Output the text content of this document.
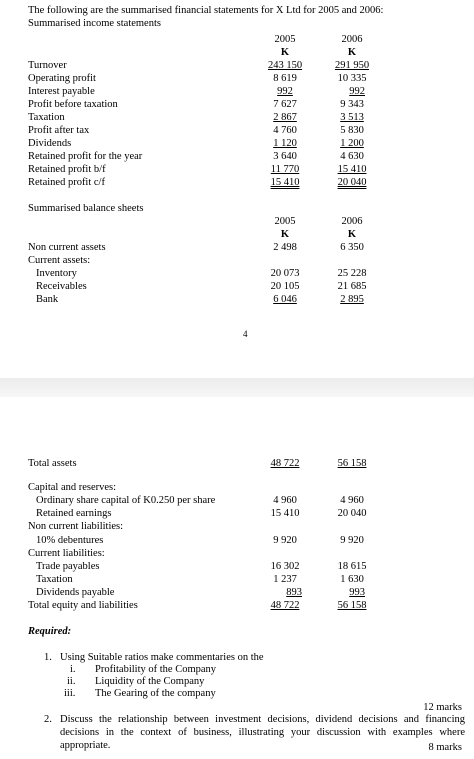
The following are the summarised financial statements for X Ltd for 2005 and 2006:
Summarised income statements
2005	2006
K	K
Turnover	243 150	291 950
Operating profit	8 619	10 335
Interest payable	992	992
Profit before taxation	7 627	9 343
Taxation	2 867	3 513
Profit after tax	4 760	5 830
Dividends	1 120	1 200
Retained profit for the year	3 640	4 630
Retained profit b/f	11 770	15 410
Retained profit c/f	15 410	20 040
Summarised balance sheets
2005	2006
K	K
Non current assets	2 498	6 350
Current assets:
Inventory	20 073	25 228
Receivables	20 105	21 685
Bank	6 046	2 895
4
Total assets	48 722	56 158
Capital and reserves:
Ordinary share capital of K0.250 per share	4 960	4 960
Retained earnings	15 410	20 040
Non current liabilities:
10% debentures	9 920	9 920
Current liabilities:
Trade payables	16 302	18 615
Taxation	1 237	1 630
Dividends payable	893	993
Total equity and liabilities	48 722	56 158
Required:
1. Using Suitable ratios make commentaries on the
i. Profitability of the Company
ii. Liquidity of the Company
iii. The Gearing of the company
12 marks
2. Discuss the relationship between investment decisions, dividend decisions and financing decisions in the context of business, illustrating your discussion with examples where appropriate.	8 marks
